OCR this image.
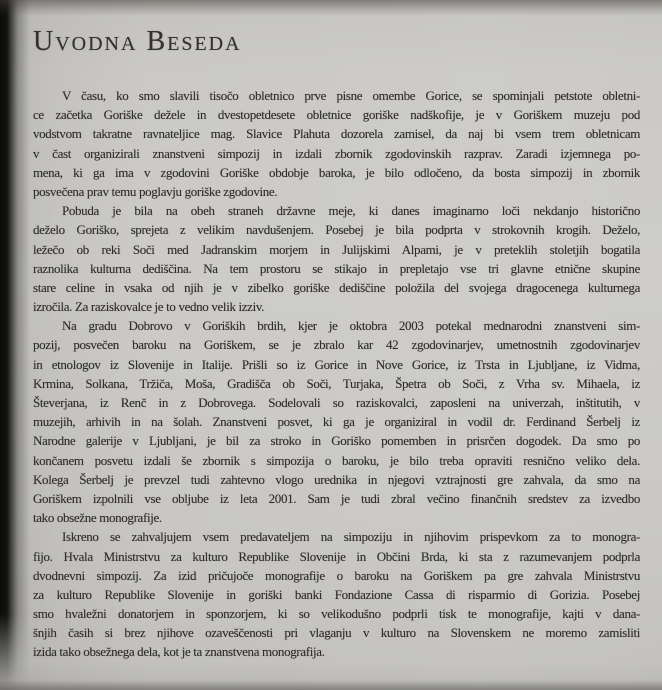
Uvodna Beseda
V času, ko smo slavili tisočo obletnico prve pisne omembe Gorice, se spominjali petstote obletni-
ce začetka Goriške dežele in dvestopetdesete obletnice goriške nadškofije, je v Goriškem muzeju pod
vodstvom takratne ravnateljice mag. Slavice Plahuta dozorela zamisel, da naj bi vsem trem obletnicam
v čast organizirali znanstveni simpozij in izdali zbornik zgodovinskih razprav. Zaradi izjemnega po-
mena, ki ga ima v zgodovini Goriške obdobje baroka, je bilo odločeno, da bosta simpozij in zbornik
posvečena prav temu poglavju goriške zgodovine.
Pobuda je bila na obeh straneh državne meje, ki danes imaginarno loči nekdanjo historično
deželo Goriško, sprejeta z velikim navdušenjem. Posebej je bila podprta v strokovnih krogih. Deželo,
ležečo ob reki Soči med Jadranskim morjem in Julijskimi Alpami, je v preteklih stoletjih bogatila
raznolika kulturna dediščina. Na tem prostoru se stikajo in prepletajo vse tri glavne etnične skupine
stare celine in vsaka od njih je v zibelko goriške dediščine položila del svojega dragocenega kulturnega
izročila. Za raziskovalce je to vedno velik izziv.
Na gradu Dobrovo v Goriških brdih, kjer je oktobra 2003 potekal mednarodni znanstveni sim-
pozij, posvečen baroku na Goriškem, se je zbralo kar 42 zgodovinarjev, umetnostnih zgodovinarjev
in etnologov iz Slovenije in Italije. Prišli so iz Gorice in Nove Gorice, iz Trsta in Ljubljane, iz Vidma,
Krmina, Solkana, Tržiča, Moša, Gradišča ob Soči, Turjaka, Špetra ob Soči, z Vrha sv. Mihaela, iz
Števerjana, iz Renč in z Dobrovega. Sodelovali so raziskovalci, zaposleni na univerzah, inštitutih, v
muzejih, arhivih in na šolah. Znanstveni posvet, ki ga je organiziral in vodil dr. Ferdinand Šerbelj iz
Narodne galerije v Ljubljani, je bil za stroko in Goriško pomemben in prisrčen dogodek. Da smo po
končanem posvetu izdali še zbornik s simpozija o baroku, je bilo treba opraviti resnično veliko dela.
Kolega Šerbelj je prevzel tudi zahtevno vlogo urednika in njegovi vztrajnosti gre zahvala, da smo na
Goriškem izpolnili vse obljube iz leta 2001. Sam je tudi zbral večino finančnih sredstev za izvedbo
tako obsežne monografije.
Iskreno se zahvaljujem vsem predavateljem na simpoziju in njihovim prispevkom za to monogra-
fijo. Hvala Ministrstvu za kulturo Republike Slovenije in Občini Brda, ki sta z razumevanjem podprla
dvodnevni simpozij. Za izid pričujoče monografije o baroku na Goriškem pa gre zahvala Ministrstvu
za kulturo Republike Slovenije in goriški banki Fondazione Cassa di risparmio di Gorizia. Posebej
smo hvaležni donatorjem in sponzorjem, ki so velikodušno podprli tisk te monografije, kajti v dana-
šnjih časih si brez njihove ozaveščenosti pri vlaganju v kulturo na Slovenskem ne moremo zamisliti
izida tako obsežnega dela, kot je ta znanstvena monografija.
